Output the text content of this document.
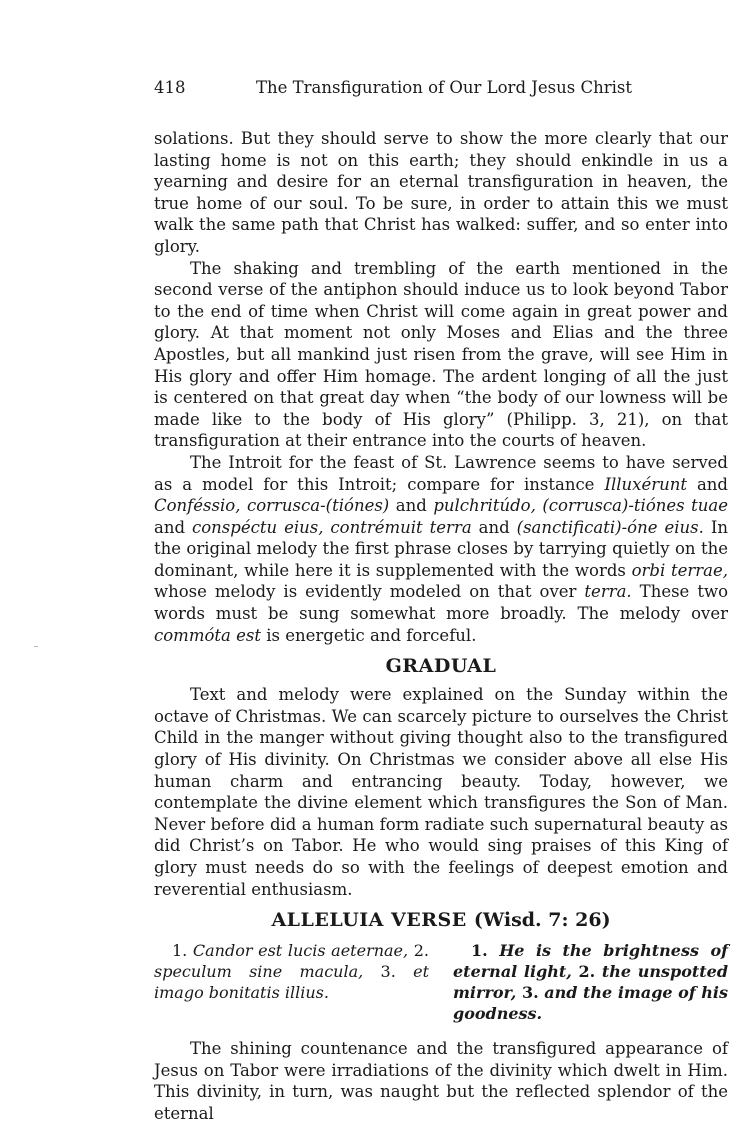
418	The Transfiguration of Our Lord Jesus Christ

solations. But they should serve to show the more clearly that our lasting home is not on this earth; they should enkindle in us a yearning and desire for an eternal transfiguration in heaven, the true home of our soul. To be sure, in order to attain this we must walk the same path that Christ has walked: suffer, and so enter into glory.

The shaking and trembling of the earth mentioned in the second verse of the antiphon should induce us to look beyond Tabor to the end of time when Christ will come again in great power and glory. At that moment not only Moses and Elias and the three Apostles, but all mankind just risen from the grave, will see Him in His glory and offer Him homage. The ardent longing of all the just is centered on that great day when “the body of our lowness will be made like to the body of His glory” (Philipp. 3, 21), on that transfiguration at their entrance into the courts of heaven.

The Introit for the feast of St. Lawrence seems to have served as a model for this Introit; compare for instance Illuxérunt and Conféssio, corrusca-(tiónes) and pulchritúdo, (corrusca)-tiónes tuae and conspéctu eius, contrémuit terra and (sanctificati)-óne eius. In the original melody the first phrase closes by tarrying quietly on the dominant, while here it is supplemented with the words orbi terrae, whose melody is evidently modeled on that over terra. These two words must be sung somewhat more broadly. The melody over commóta est is energetic and forceful.

GRADUAL

Text and melody were explained on the Sunday within the octave of Christmas. We can scarcely picture to ourselves the Christ Child in the manger without giving thought also to the transfigured glory of His divinity. On Christmas we consider above all else His human charm and entrancing beauty. Today, however, we contemplate the divine element which transfigures the Son of Man. Never before did a human form radiate such supernatural beauty as did Christ’s on Tabor. He who would sing praises of this King of glory must needs do so with the feelings of deepest emotion and reverential enthusiasm.

ALLELUIA VERSE (Wisd. 7: 26)
1. Candor est lucis aeternae, 2. speculum sine macula, 3. et imago bonitatis illius.
1. He is the brightness of eternal light, 2. the unspotted mirror, 3. and the image of his goodness.

The shining countenance and the transfigured appearance of Jesus on Tabor were irradiations of the divinity which dwelt in Him. This divinity, in turn, was naught but the reflected splendor of the eternal
